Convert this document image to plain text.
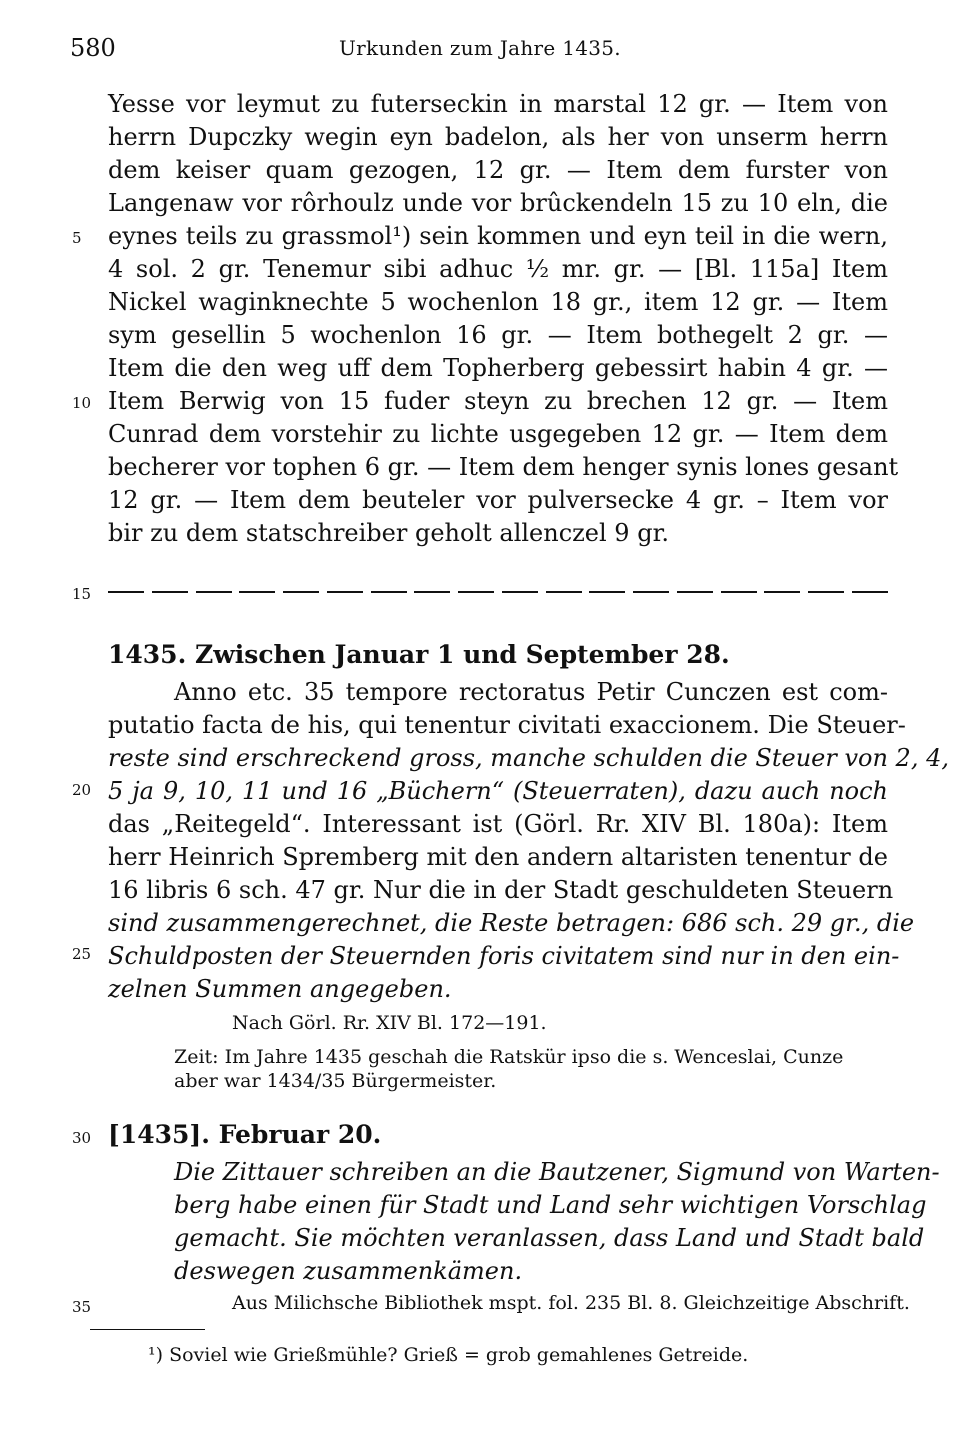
580	Urkunden zum Jahre 1435.
Yesse vor leymut zu futerseckin in marstal 12 gr. — Item von
herrn Dupczky wegin eyn badelon, als her von unserm herrn
dem keiser quam gezogen, 12 gr. — Item dem furster von
Langenaw vor rôrhoulz unde vor brûckendeln 15 zu 10 eln, die
eynes teils zu grassmol¹) sein kommen und eyn teil in die wern,
4 sol. 2 gr. Tenemur sibi adhuc ½ mr. gr. — [Bl. 115a] Item
Nickel waginknechte 5 wochenlon 18 gr., item 12 gr. — Item
sym gesellin 5 wochenlon 16 gr. — Item bothegelt 2 gr. —
Item die den weg uff dem Topherberg gebessirt habin 4 gr. —
Item Berwig von 15 fuder steyn zu brechen 12 gr. — Item
Cunrad dem vorstehir zu lichte usgegeben 12 gr. — Item dem
becherer vor tophen 6 gr. — Item dem henger synis lones gesant
12 gr. — Item dem beuteler vor pulversecke 4 gr. – Item vor
bir zu dem statschreiber geholt allenczel 9 gr.
5
10
15
20
25
30
35
1435. Zwischen Januar 1 und September 28.
Anno etc. 35 tempore rectoratus Petir Cunczen est com-
putatio facta de his, qui tenentur civitati exaccionem. Die Steuer-
reste sind erschreckend gross, manche schulden die Steuer von 2, 4,
5 ja 9, 10, 11 und 16 „Büchern“ (Steuerraten), dazu auch noch
das „Reitegeld“. Interessant ist (Görl. Rr. XIV Bl. 180a): Item
herr Heinrich Spremberg mit den andern altaristen tenentur de
16 libris 6 sch. 47 gr. Nur die in der Stadt geschuldeten Steuern
sind zusammengerechnet, die Reste betragen: 686 sch. 29 gr., die
Schuldposten der Steuernden foris civitatem sind nur in den ein-
zelnen Summen angegeben.
Nach Görl. Rr. XIV Bl. 172—191.
Zeit: Im Jahre 1435 geschah die Ratskür ipso die s. Wenceslai, Cunze
aber war 1434/35 Bürgermeister.
[1435]. Februar 20.
Die Zittauer schreiben an die Bautzener, Sigmund von Warten-
berg habe einen für Stadt und Land sehr wichtigen Vorschlag
gemacht. Sie möchten veranlassen, dass Land und Stadt bald
deswegen zusammenkämen.
Aus Milichsche Bibliothek mspt. fol. 235 Bl. 8. Gleichzeitige Abschrift.
¹) Soviel wie Grießmühle? Grieß = grob gemahlenes Getreide.
